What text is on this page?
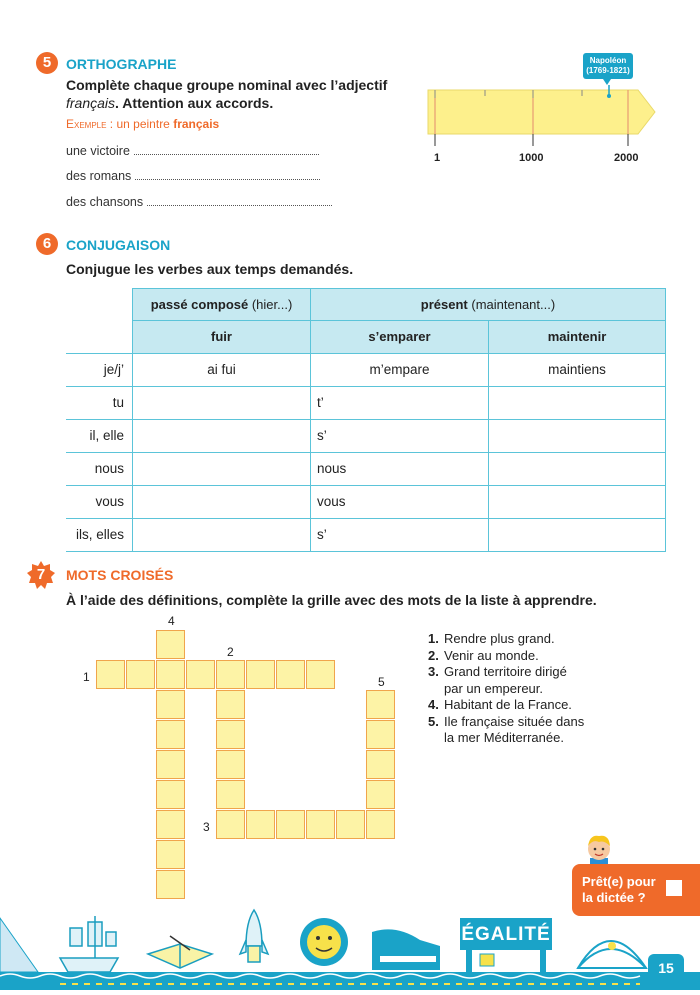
5	ORTHOGRAPHE
Complète chaque groupe nominal avec l’adjectif français. Attention aux accords.
Exemple : un peintre français
une victoire
des romans
des chansons
Napoléon
(1769-1821)
1	1000	2000
6	CONJUGAISON
Conjugue les verbes aux temps demandés.
	passé composé (hier...)	présent (maintenant...)	
	fuir	s’emparer	maintenir
je/j’	ai fui	m’empare	maintiens
tu		t’	
il, elle		s’	
nous		nous	
vous		vous	
ils, elles		s’	
7	MOTS CROISÉS
À l’aide des définitions, complète la grille avec des mots de la liste à apprendre.
1
2
3
4
5
1. Rendre plus grand.
2. Venir au monde.
3. Grand territoire dirigé
par un empereur.
4. Habitant de la France.
5. Ile française située dans
la mer Méditerranée.
Prêt(e) pour
la dictée ?
ÉGALITÉ
15
